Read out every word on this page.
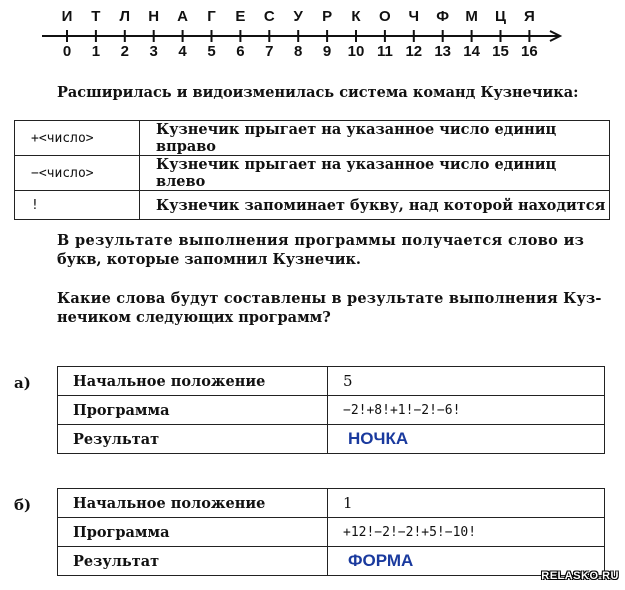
И	Т	Л	Н	А	Г	Е	С	У	Р	К	О	Ч	Ф М	Ц	Я
0	1	2	3	4	5	6	7	8	9	10 11 12 13 14 15 16
Расширилась и видоизменилась система команд Кузнечика:
+<число>	Кузнечик прыгает на указанное число единиц вправо
−<число>	Кузнечик прыгает на указанное число единиц влево
!	Кузнечик запоминает букву, над которой находится
В результате выполнения программы получается слово из
букв, которые запомнил Кузнечик.
Какие слова будут составлены в результате выполнения Куз-
нечиком следующих программ?
а)	Начальное положение	5
Программа	−2!+8!+1!−2!−6!
Результат	НОЧКА
б)	Начальное положение	1
Программа	+12!−2!−2!+5!−10!
Результат	ФОРМА
RELASKO.RU
